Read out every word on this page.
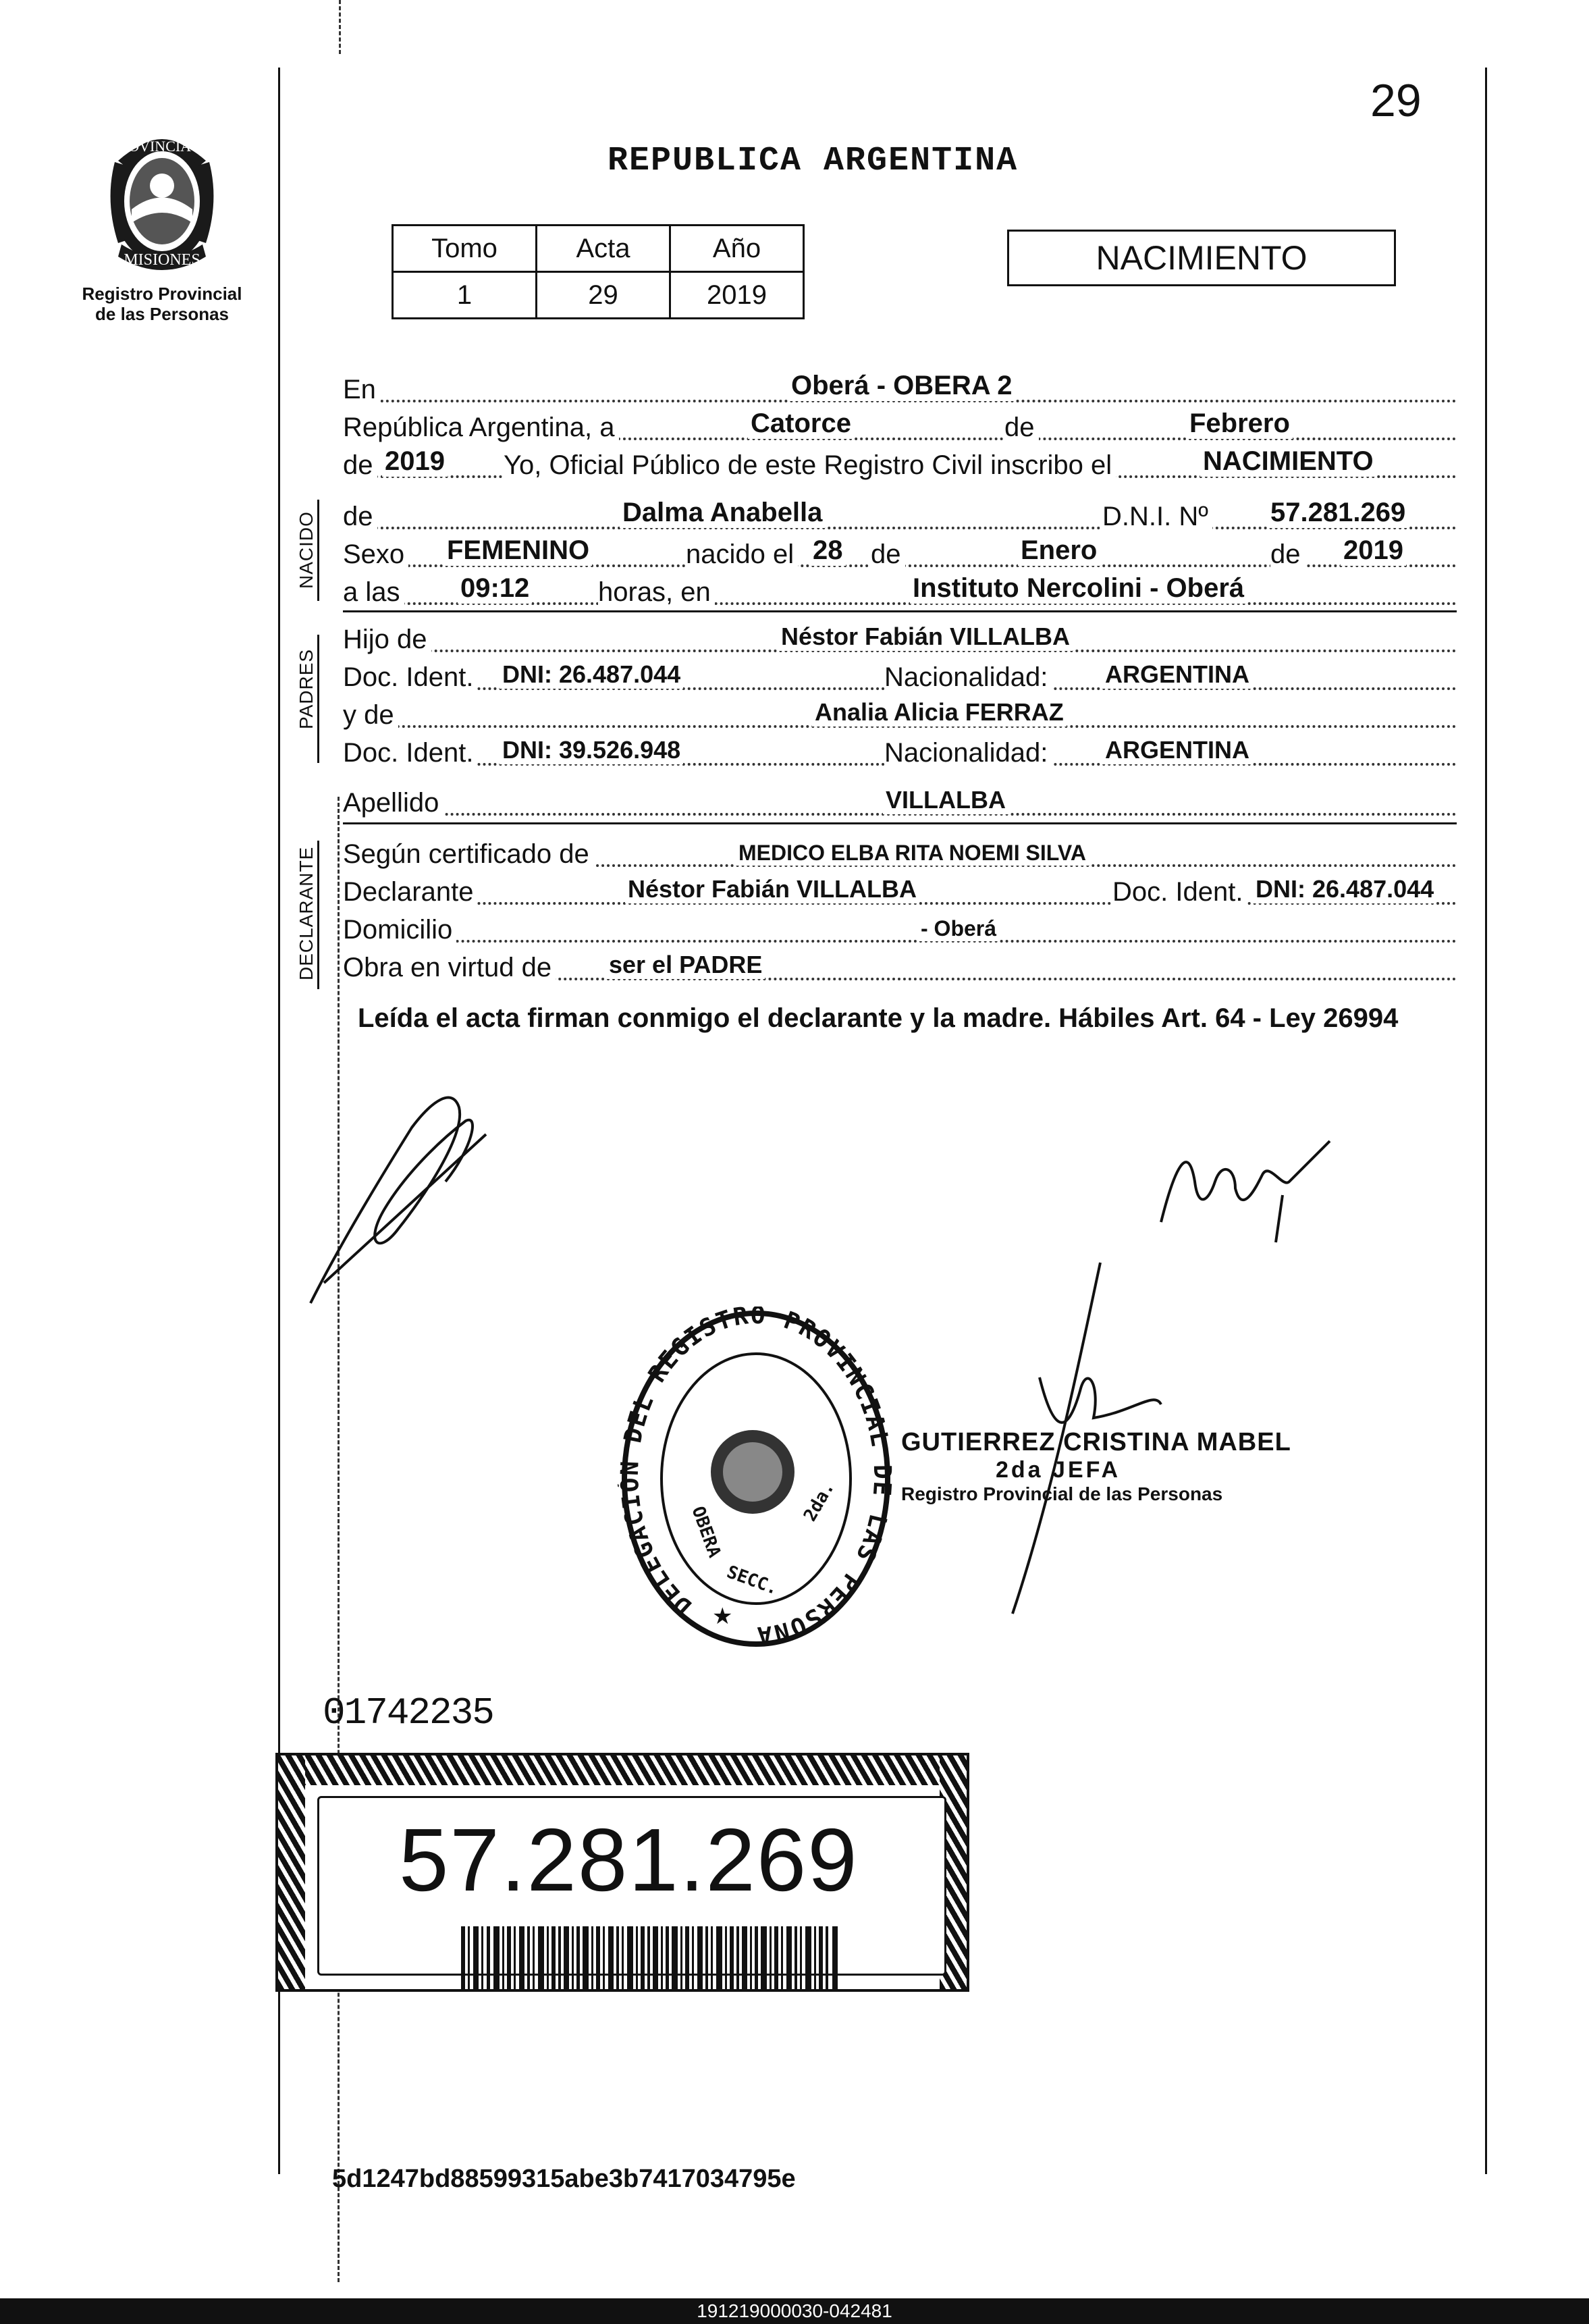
PROVINCIA DE
MISIONES
Registro Provincial
de las Personas
29
REPUBLICA ARGENTINA
Tomo	Acta	Año
1	29	2019
NACIMIENTO
En	Oberá - OBERA 2
República Argentina, a	Catorce	de	Febrero
de 2019 Yo, Oficial Público de este Registro Civil inscribo el	NACIMIENTO
NACIDO de	Dalma Anabella	D.N.I. Nº 57.281.269
Sexo FEMENINO	nacido el 28 de	Enero	de 2019
a las 09:12	horas, en	Instituto Nercolini - Oberá
PADRES
Hijo de	Néstor Fabián VILLALBA
Doc. Ident. DNI: 26.487.044	Nacionalidad: ARGENTINA
y de	Analia Alicia FERRAZ
Doc. Ident. DNI: 39.526.948	Nacionalidad: ARGENTINA
Apellido	VILLALBA
DECLARANTE Según certificado de	MEDICO ELBA RITA NOEMI SILVA
Declarante	Néstor Fabián VILLALBA	Doc. Ident. DNI: 26.487.044
Domicilio	- Oberá
Obra en virtud de ser el PADRE
Leída el acta firman conmigo el declarante y la madre. Hábiles Art. 64 - Ley 26994
DELEGACIÓN DEL REGISTRO PROVINCIAL DE LAS PERSONA
OBERA
2da.
SECC.
★
GUTIERREZ CRISTINA MABEL
2da JEFA
Registro Provincial de las Personas
01742235
57.281.269
5d1247bd88599315abe3b7417034795e
191219000030-042481
